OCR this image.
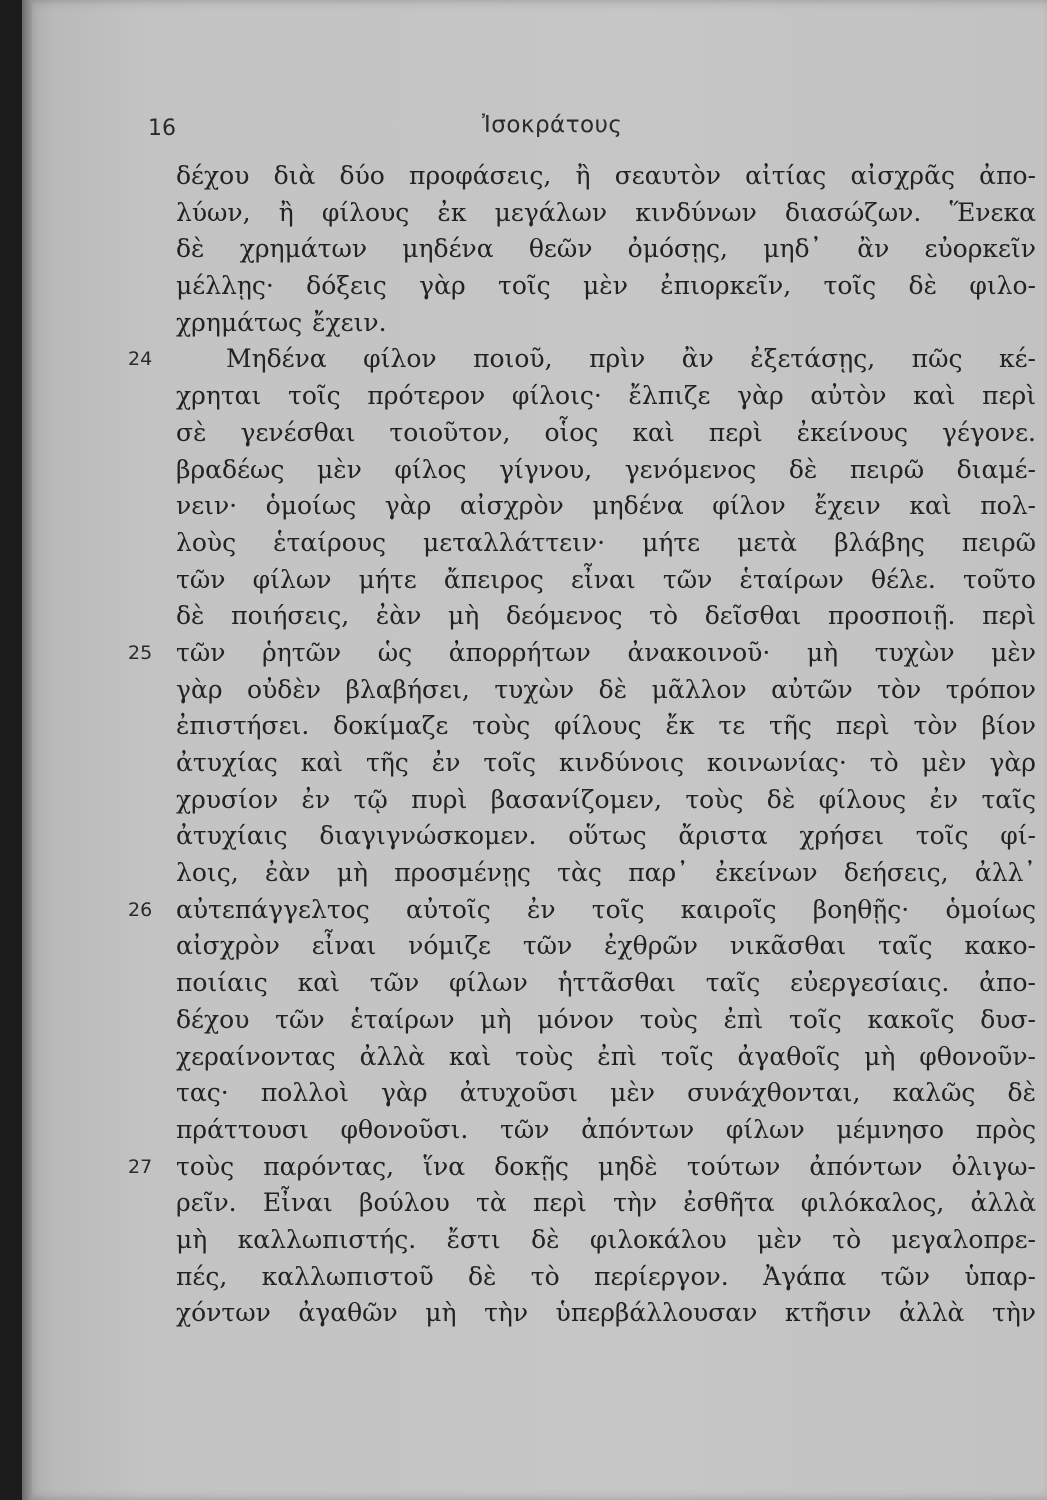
16	Ἰσοκράτους
δέχου διὰ δύο προφάσεις, ἢ σεαυτὸν αἰτίας αἰσχρᾶς ἀπο-
λύων, ἢ φίλους ἐκ μεγάλων κινδύνων διασώζων. Ἕνεκα
δὲ χρημάτων μηδένα θεῶν ὀμόσῃς, μηδ᾽ ἂν εὐορκεῖν
μέλλῃς· δόξεις γὰρ τοῖς μὲν ἐπιορκεῖν, τοῖς δὲ φιλο-
χρημάτως ἔχειν.
24	Μηδένα φίλον ποιοῦ, πρὶν ἂν ἐξετάσῃς, πῶς κέ-
χρηται τοῖς πρότερον φίλοις· ἔλπιζε γὰρ αὐτὸν καὶ περὶ
σὲ γενέσθαι τοιοῦτον, οἷος καὶ περὶ ἐκείνους γέγονε.
βραδέως μὲν φίλος γίγνου, γενόμενος δὲ πειρῶ διαμέ-
νειν· ὁμοίως γὰρ αἰσχρὸν μηδένα φίλον ἔχειν καὶ πολ-
λοὺς ἑταίρους μεταλλάττειν· μήτε μετὰ βλάβης πειρῶ
τῶν φίλων μήτε ἄπειρος εἶναι τῶν ἑταίρων θέλε. τοῦτο
δὲ ποιήσεις, ἐὰν μὴ δεόμενος τὸ δεῖσθαι προσποιῇ. περὶ
25 τῶν ῥητῶν ὡς ἀπορρήτων ἀνακοινοῦ· μὴ τυχὼν μὲν
γὰρ οὐδὲν βλαβήσει, τυχὼν δὲ μᾶλλον αὐτῶν τὸν τρόπον
ἐπιστήσει. δοκίμαζε τοὺς φίλους ἔκ τε τῆς περὶ τὸν βίον
ἀτυχίας καὶ τῆς ἐν τοῖς κινδύνοις κοινωνίας· τὸ μὲν γὰρ
χρυσίον ἐν τῷ πυρὶ βασανίζομεν, τοὺς δὲ φίλους ἐν ταῖς
ἀτυχίαις διαγιγνώσκομεν. οὕτως ἄριστα χρήσει τοῖς φί-
λοις, ἐὰν μὴ προσμένῃς τὰς παρ᾽ ἐκείνων δεήσεις, ἀλλ᾽
26 αὐτεπάγγελτος αὐτοῖς ἐν τοῖς καιροῖς βοηθῇς· ὁμοίως
αἰσχρὸν εἶναι νόμιζε τῶν ἐχθρῶν νικᾶσθαι ταῖς κακο-
ποιίαις καὶ τῶν φίλων ἡττᾶσθαι ταῖς εὐεργεσίαις. ἀπο-
δέχου τῶν ἑταίρων μὴ μόνον τοὺς ἐπὶ τοῖς κακοῖς δυσ-
χεραίνοντας ἀλλὰ καὶ τοὺς ἐπὶ τοῖς ἀγαθοῖς μὴ φθονοῦν-
τας· πολλοὶ γὰρ ἀτυχοῦσι μὲν συνάχθονται, καλῶς δὲ
πράττουσι φθονοῦσι. τῶν ἀπόντων φίλων μέμνησο πρὸς
27 τοὺς παρόντας, ἵνα δοκῇς μηδὲ τούτων ἀπόντων ὀλιγω-
ρεῖν. Εἶναι βούλου τὰ περὶ τὴν ἐσθῆτα φιλόκαλος, ἀλλὰ
μὴ καλλωπιστής. ἔστι δὲ φιλοκάλου μὲν τὸ μεγαλοπρε-
πές, καλλωπιστοῦ δὲ τὸ περίεργον. Ἀγάπα τῶν ὑπαρ-
χόντων ἀγαθῶν μὴ τὴν ὑπερβάλλουσαν κτῆσιν ἀλλὰ τὴν
